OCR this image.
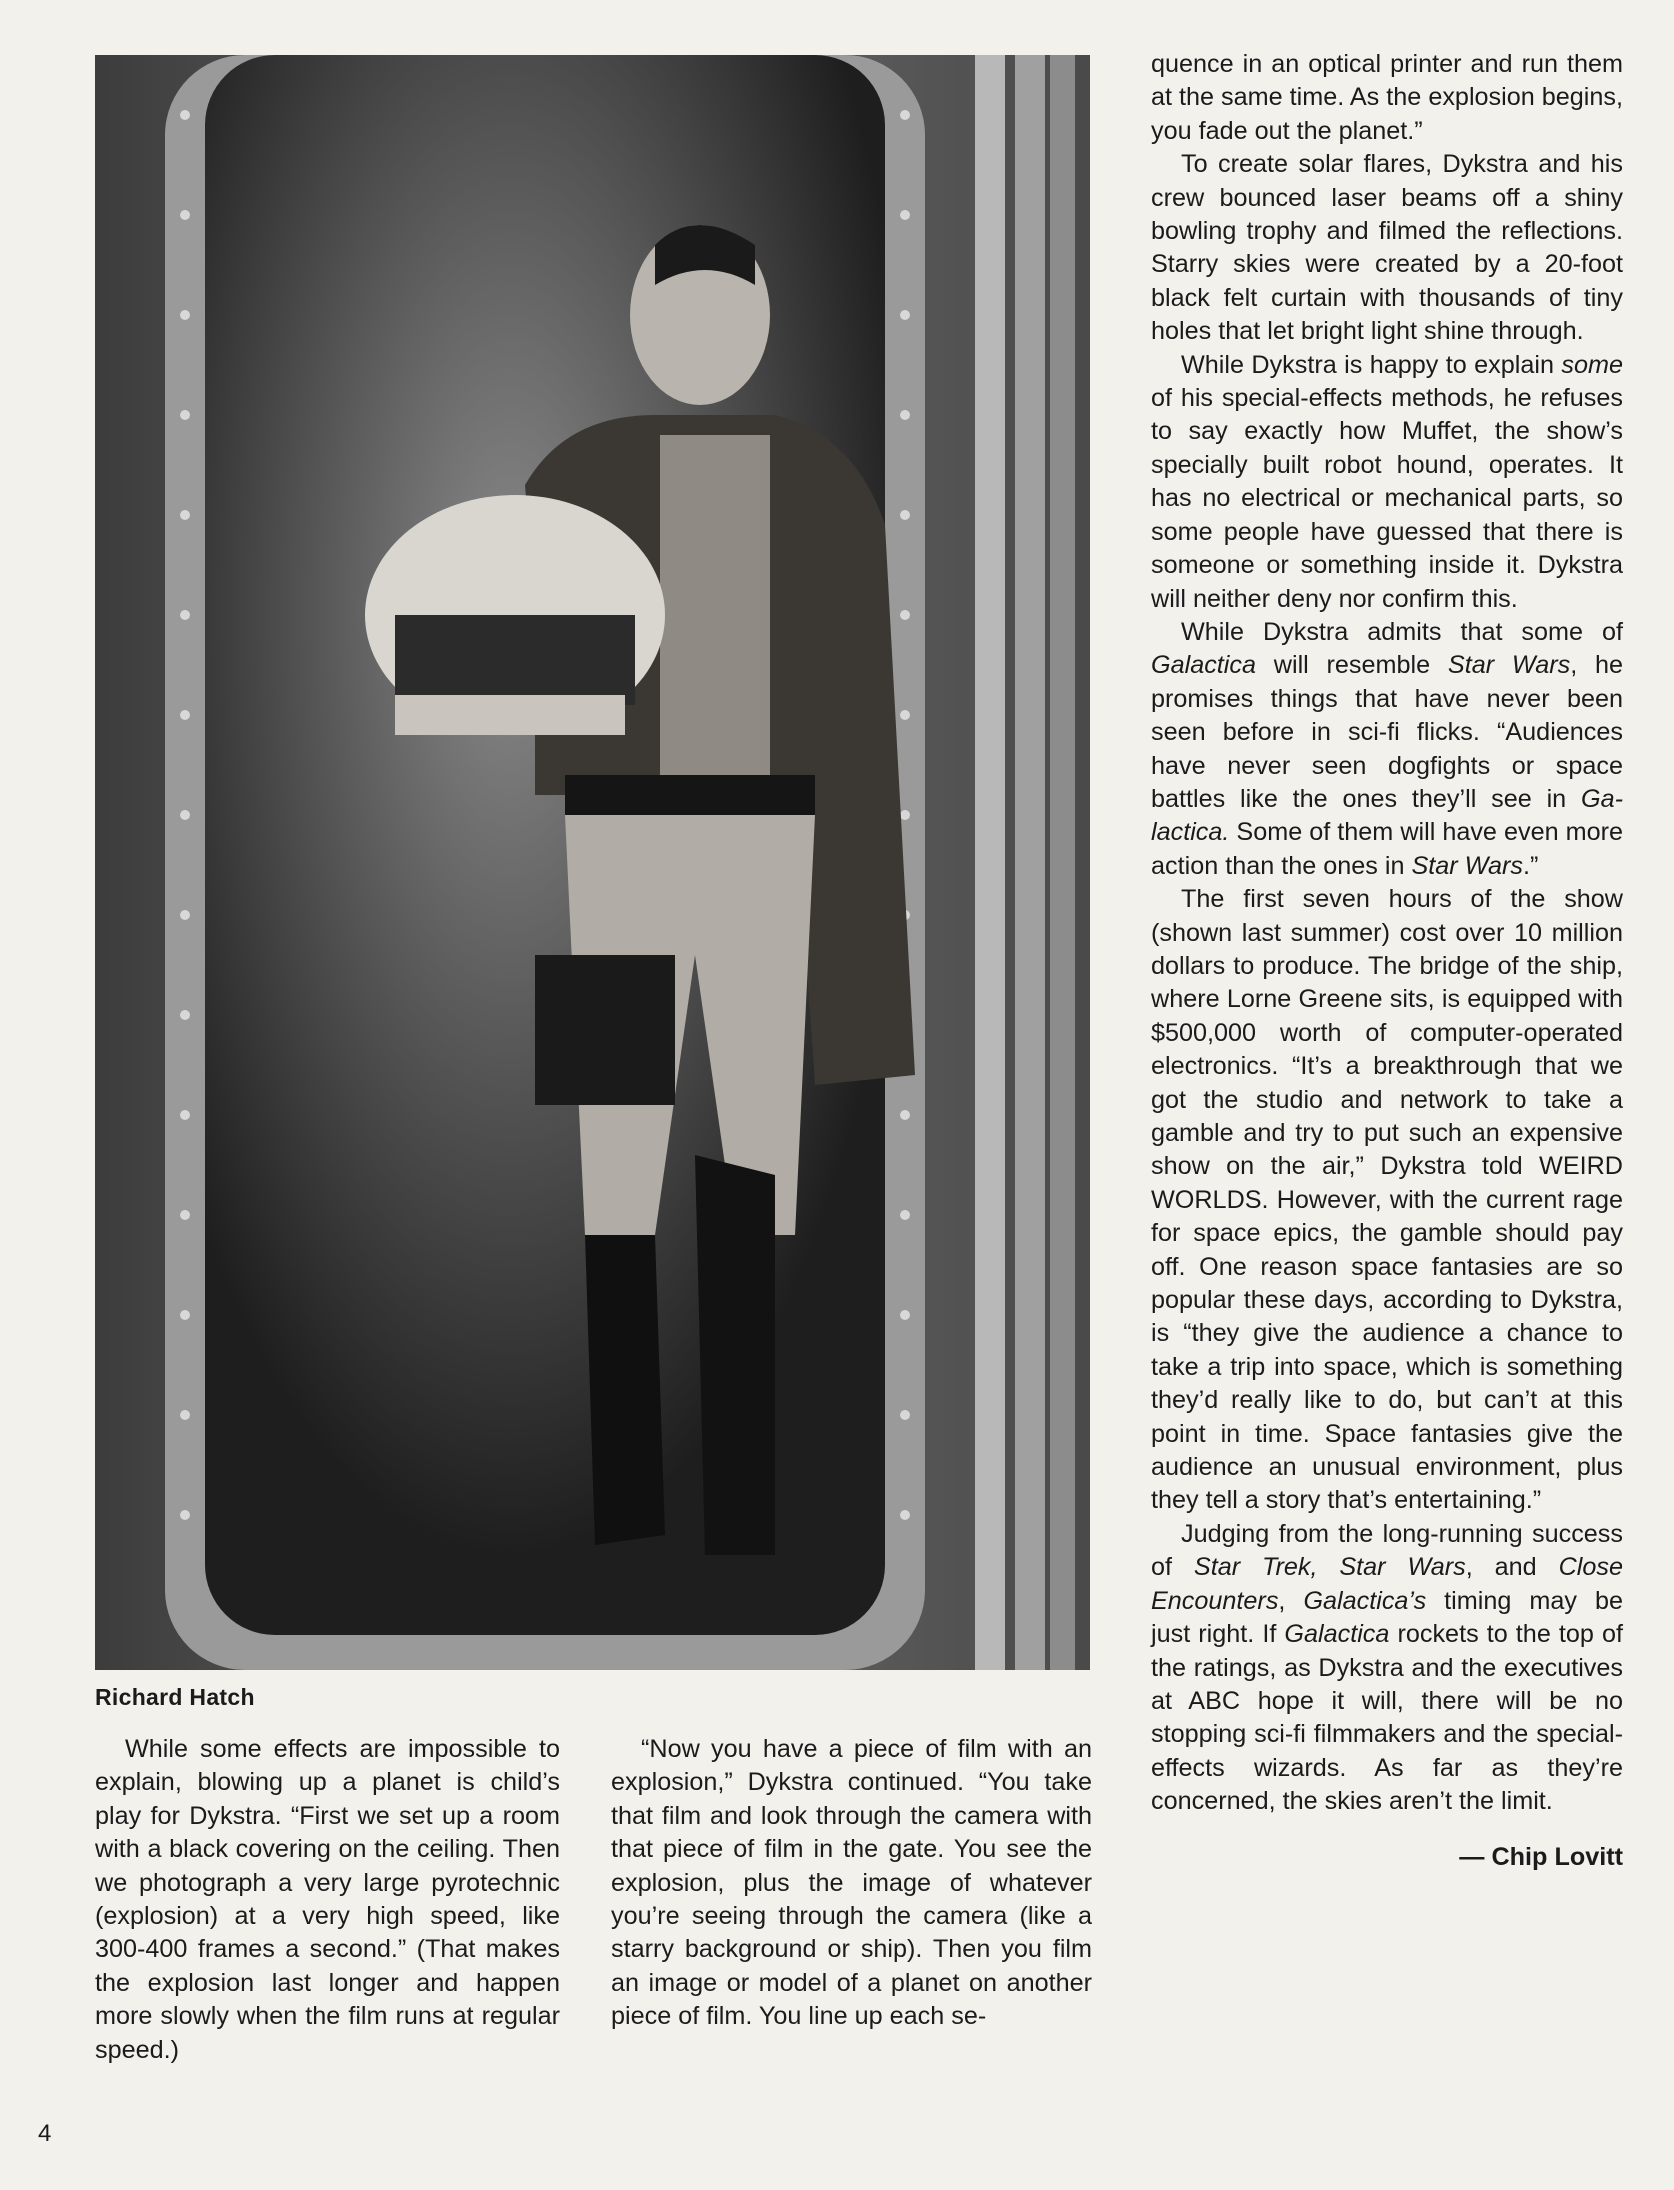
Richard Hatch

While some effects are impossible to explain, blowing up a planet is child’s play for Dykstra. “First we set up a room with a black covering on the ceiling. Then we photograph a very large pyrotechnic (explosion) at a very high speed, like 300-400 frames a second.” (That makes the explosion last longer and happen more slowly when the film runs at regular speed.)

“Now you have a piece of film with an explosion,” Dykstra continued. “You take that film and look through the camera with that piece of film in the gate. You see the explosion, plus the image of whatever you’re seeing through the camera (like a starry background or ship). Then you film an image or model of a planet on another piece of film. You line up each se-

quence in an optical printer and run them at the same time. As the explosion begins, you fade out the planet.”

To create solar flares, Dykstra and his crew bounced laser beams off a shiny bowling trophy and filmed the reflections. Starry skies were created by a 20-foot black felt curtain with thousands of tiny holes that let bright light shine through.

While Dykstra is happy to explain some of his special-effects methods, he refuses to say exactly how Muffet, the show’s specially built robot hound, operates. It has no electrical or mechanical parts, so some people have guessed that there is someone or something inside it. Dykstra will neither deny nor confirm this.

While Dykstra admits that some of Galactica will resemble Star Wars, he promises things that have never been seen before in sci-fi flicks. “Audiences have never seen dogfights or space battles like the ones they’ll see in Galactica. Some of them will have even more action than the ones in Star Wars.”

The first seven hours of the show (shown last summer) cost over 10 million dollars to produce. The bridge of the ship, where Lorne Greene sits, is equipped with $500,000 worth of computer-operated electronics. “It’s a breakthrough that we got the studio and network to take a gamble and try to put such an expensive show on the air,” Dykstra told WEIRD WORLDS. However, with the current rage for space epics, the gamble should pay off. One reason space fantasies are so popular these days, according to Dykstra, is “they give the audience a chance to take a trip into space, which is something they’d really like to do, but can’t at this point in time. Space fantasies give the audience an unusual environment, plus they tell a story that’s entertaining.”

Judging from the long-running success of Star Trek, Star Wars, and Close Encounters, Galactica’s timing may be just right. If Galactica rockets to the top of the ratings, as Dykstra and the executives at ABC hope it will, there will be no stopping sci-fi filmmakers and the special-effects wizards. As far as they’re concerned, the skies aren’t the limit.

— Chip Lovitt

4
